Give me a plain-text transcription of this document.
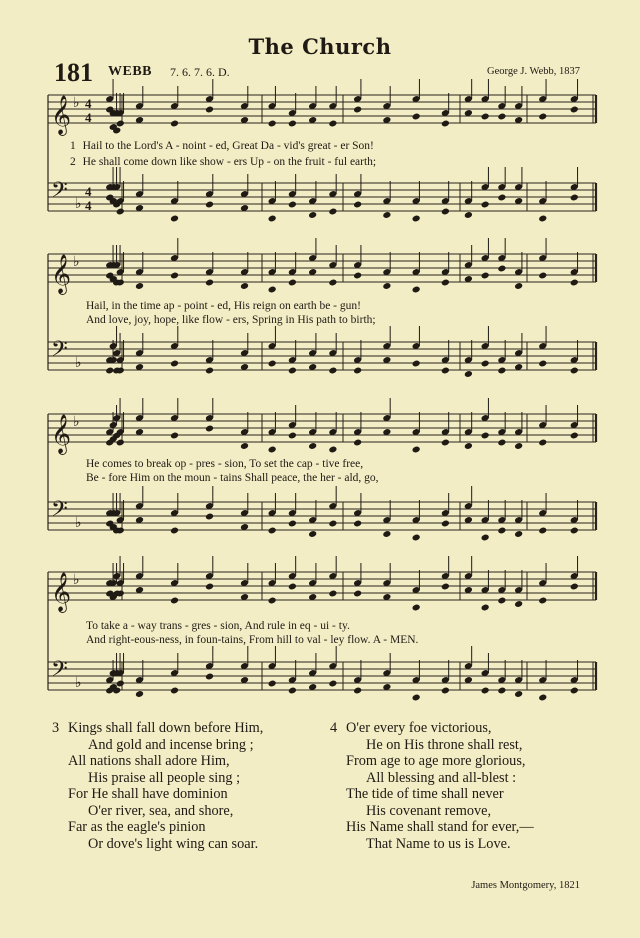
The Church
181 WEBB 7. 6. 7. 6. D.	George J. Webb, 1837
𝄞 ♭ 4
4
𝄢 ♭
4
4
𝄞 ♭
𝄢 ♭
𝄞 ♭
𝄢 ♭
𝄞 ♭
𝄢 ♭
1 Hail to the Lord's A - noint - ed, Great Da - vid's great - er Son!
2 He shall come down like show - ers Up - on the fruit - ful earth;
Hail, in the time ap - point - ed, His reign on earth be - gun!
And love, joy, hope, like flow - ers, Spring in His path to birth;
He comes to break op - pres - sion, To set the cap - tive free,
Be - fore Him on the moun - tains Shall peace, the her - ald, go,
To take a - way trans - gres - sion, And rule in eq - ui - ty.
And right-eous-ness, in foun-tains, From hill to val - ley flow. A - MEN.
3 Kings shall fall down before Him,
And gold and incense bring ;
All nations shall adore Him,
His praise all people sing ;
For He shall have dominion
O'er river, sea, and shore,
Far as the eagle's pinion
Or dove's light wing can soar.
4 O'er every foe victorious,
He on His throne shall rest,
From age to age more glorious,
All blessing and all-blest :
The tide of time shall never
His covenant remove,
His Name shall stand for ever,—
That Name to us is Love.
James Montgomery, 1821
